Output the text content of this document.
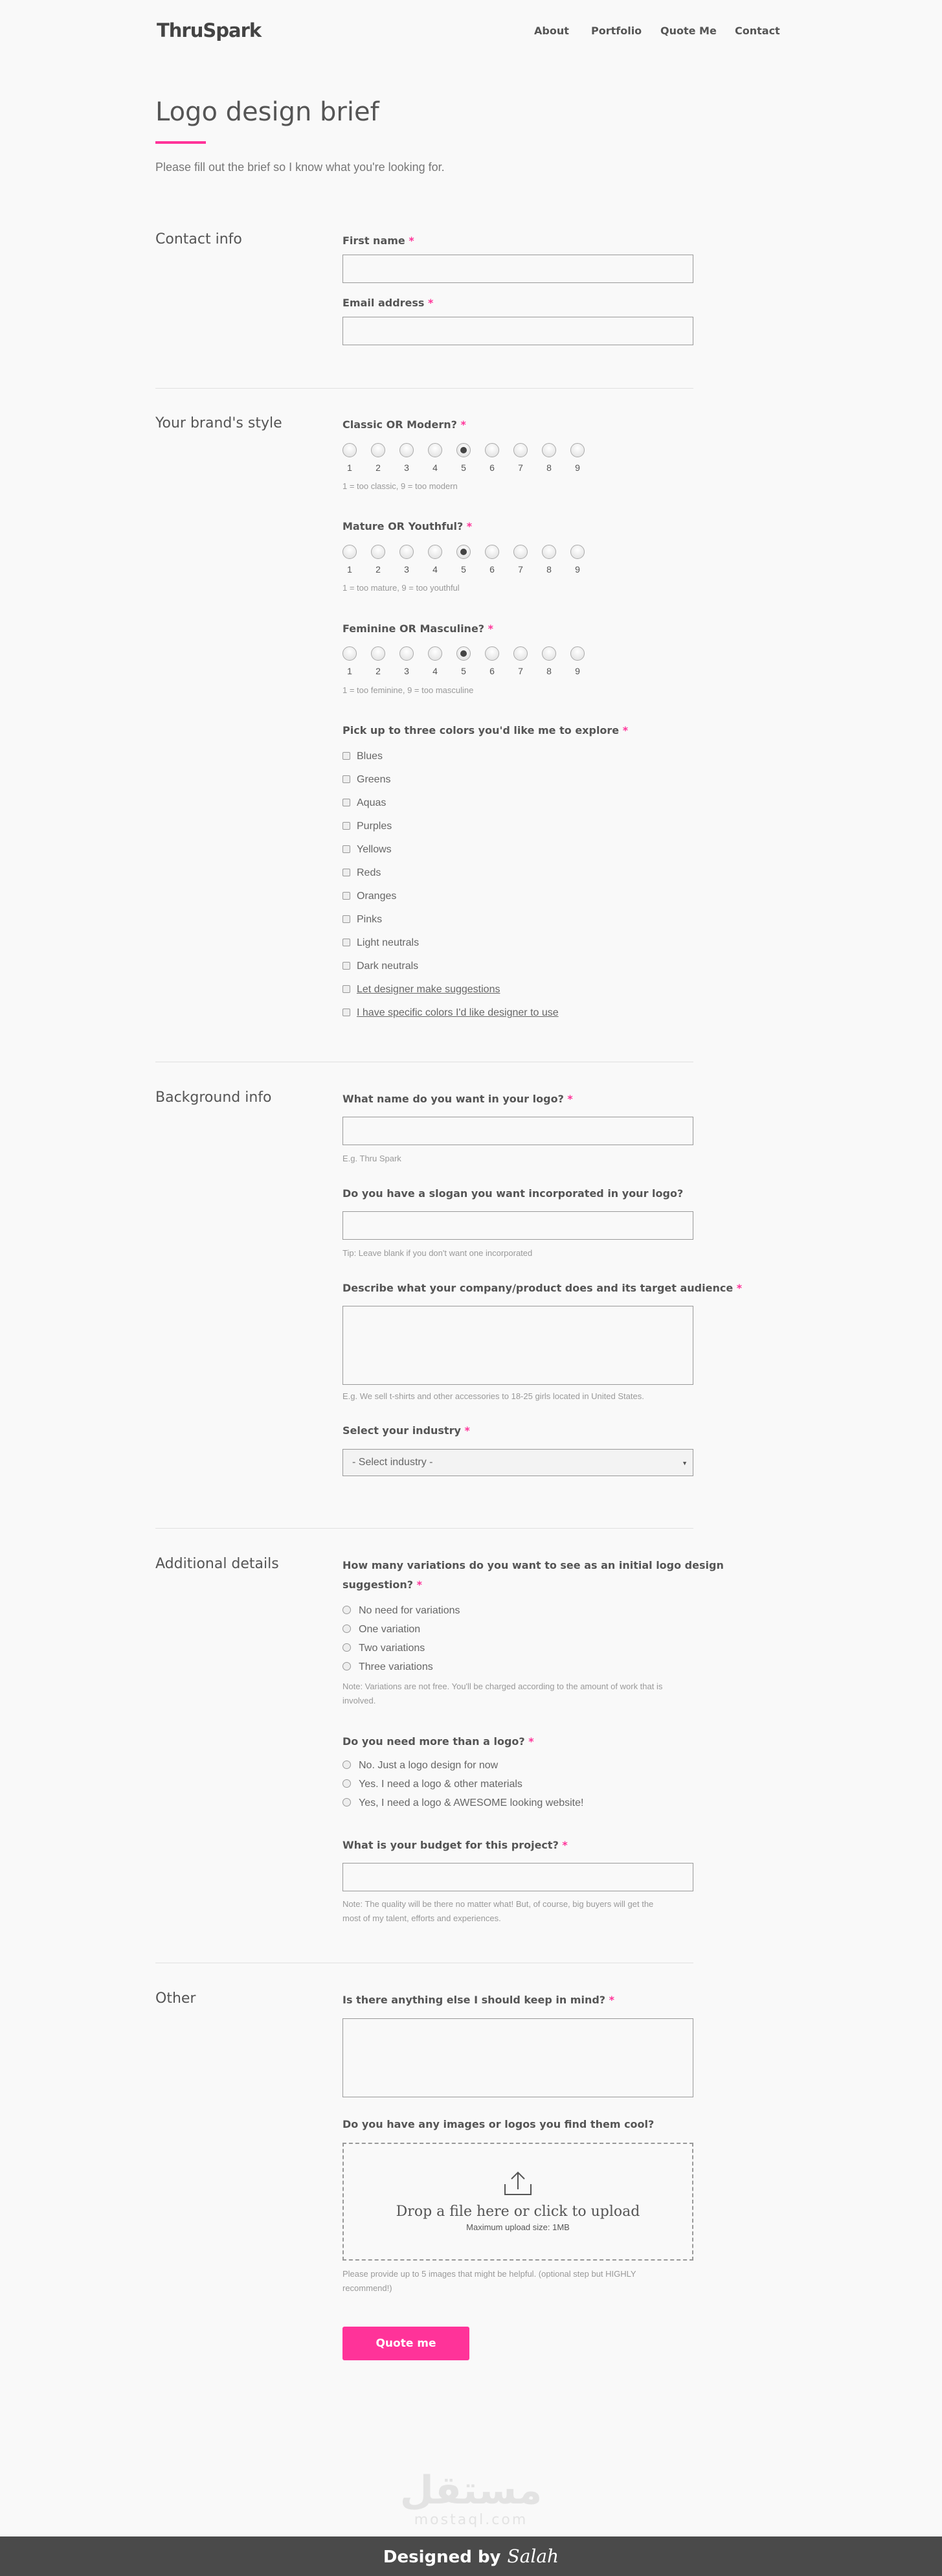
ThruSpark	About Portfolio Quote Me Contact
Logo design brief
Please fill out the brief so I know what you're looking for.
Contact info	First name *
Email address *
Your brand's style	Classic OR Modern? *
1	2	3	4	5	6	7	8	9
1 = too classic, 9 = too modern
Mature OR Youthful? *
1	2	3	4	5	6	7	8	9
1 = too mature, 9 = too youthful
Feminine OR Masculine? *
1	2	3	4	5	6	7	8	9
1 = too feminine, 9 = too masculine
Pick up to three colors you'd like me to explore *
Blues
Greens
Aquas
Purples
Yellows
Reds
Oranges
Pinks
Light neutrals
Dark neutrals
Let designer make suggestions
I have specific colors I'd like designer to use
Background info	What name do you want in your logo? *
E.g. Thru Spark
Do you have a slogan you want incorporated in your logo?
Tip: Leave blank if you don't want one incorporated
Describe what your company/product does and its target audience *
E.g. We sell t-shirts and other accessories to 18-25 girls located in United States.
Select your industry *
- Select industry -	▼
Additional details	How many variations do you want to see as an initial logo design
suggestion? *
No need for variations
One variation
Two variations
Three variations
Note: Variations are not free. You'll be charged according to the amount of work that is
involved.
Do you need more than a logo? *
No. Just a logo design for now
Yes. I need a logo & other materials
Yes, I need a logo & AWESOME looking website!
What is your budget for this project? *
Note: The quality will be there no matter what! But, of course, big buyers will get the
most of my talent, efforts and experiences.
Other	Is there anything else I should keep in mind? *
Do you have any images or logos you find them cool?
Drop a file here or click to upload
Maximum upload size: 1MB
Please provide up to 5 images that might be helpful. (optional step but HIGHLY
recommend!)
Quote me
مستقل
mostaql.com
Designed by Salah
